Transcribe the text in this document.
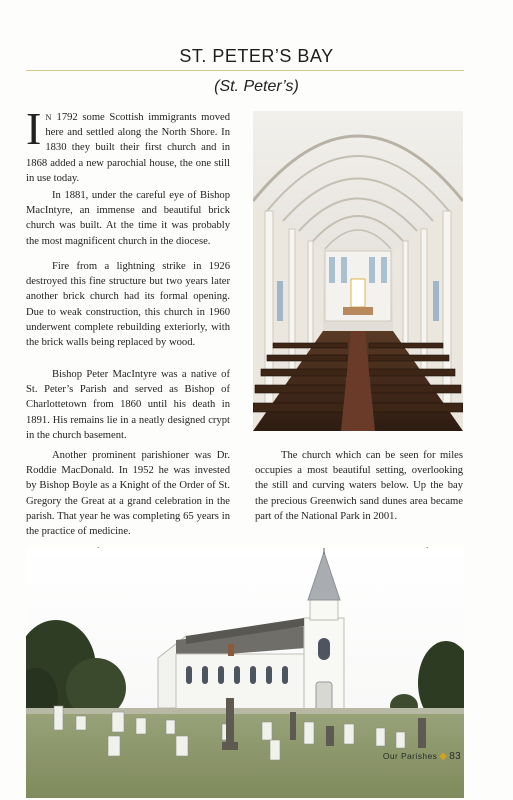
ST. PETER’S BAY
(St. Peter’s)

I N 1792 some Scottish immigrants moved here and settled along the North Shore. In 1830 they built their first church and in 1868 added a new parochial house, the one still in use today.

In 1881, under the careful eye of Bishop MacIntyre, an immense and beautiful brick church was built. At the time it was probably the most magnificent church in the diocese.
Fire from a lightning strike in 1926 destroyed this fine structure but two years later another brick church had its formal opening. Due to weak construction, this church in 1960 underwent complete rebuilding exteriorly, with the brick walls being replaced by wood.
Bishop Peter MacIntyre was a native of St. Peter’s Parish and served as Bishop of Charlottetown from 1860 until his death in 1891. His remains lie in a neatly designed crypt in the church basement.
Another prominent parishioner was Dr. Roddie MacDonald. In 1952 he was invested by Bishop Boyle as a Knight of the Order of St. Gregory the Great at a grand celebration in the parish. That year he was completing 65 years in the practice of medicine.

The church which can be seen for miles occupies a most beautiful setting, overlooking the still and curving waters below. Up the bay the precious Greenwich sand dunes area became part of the National Park in 2001.
Our Parishes ◆ 83
